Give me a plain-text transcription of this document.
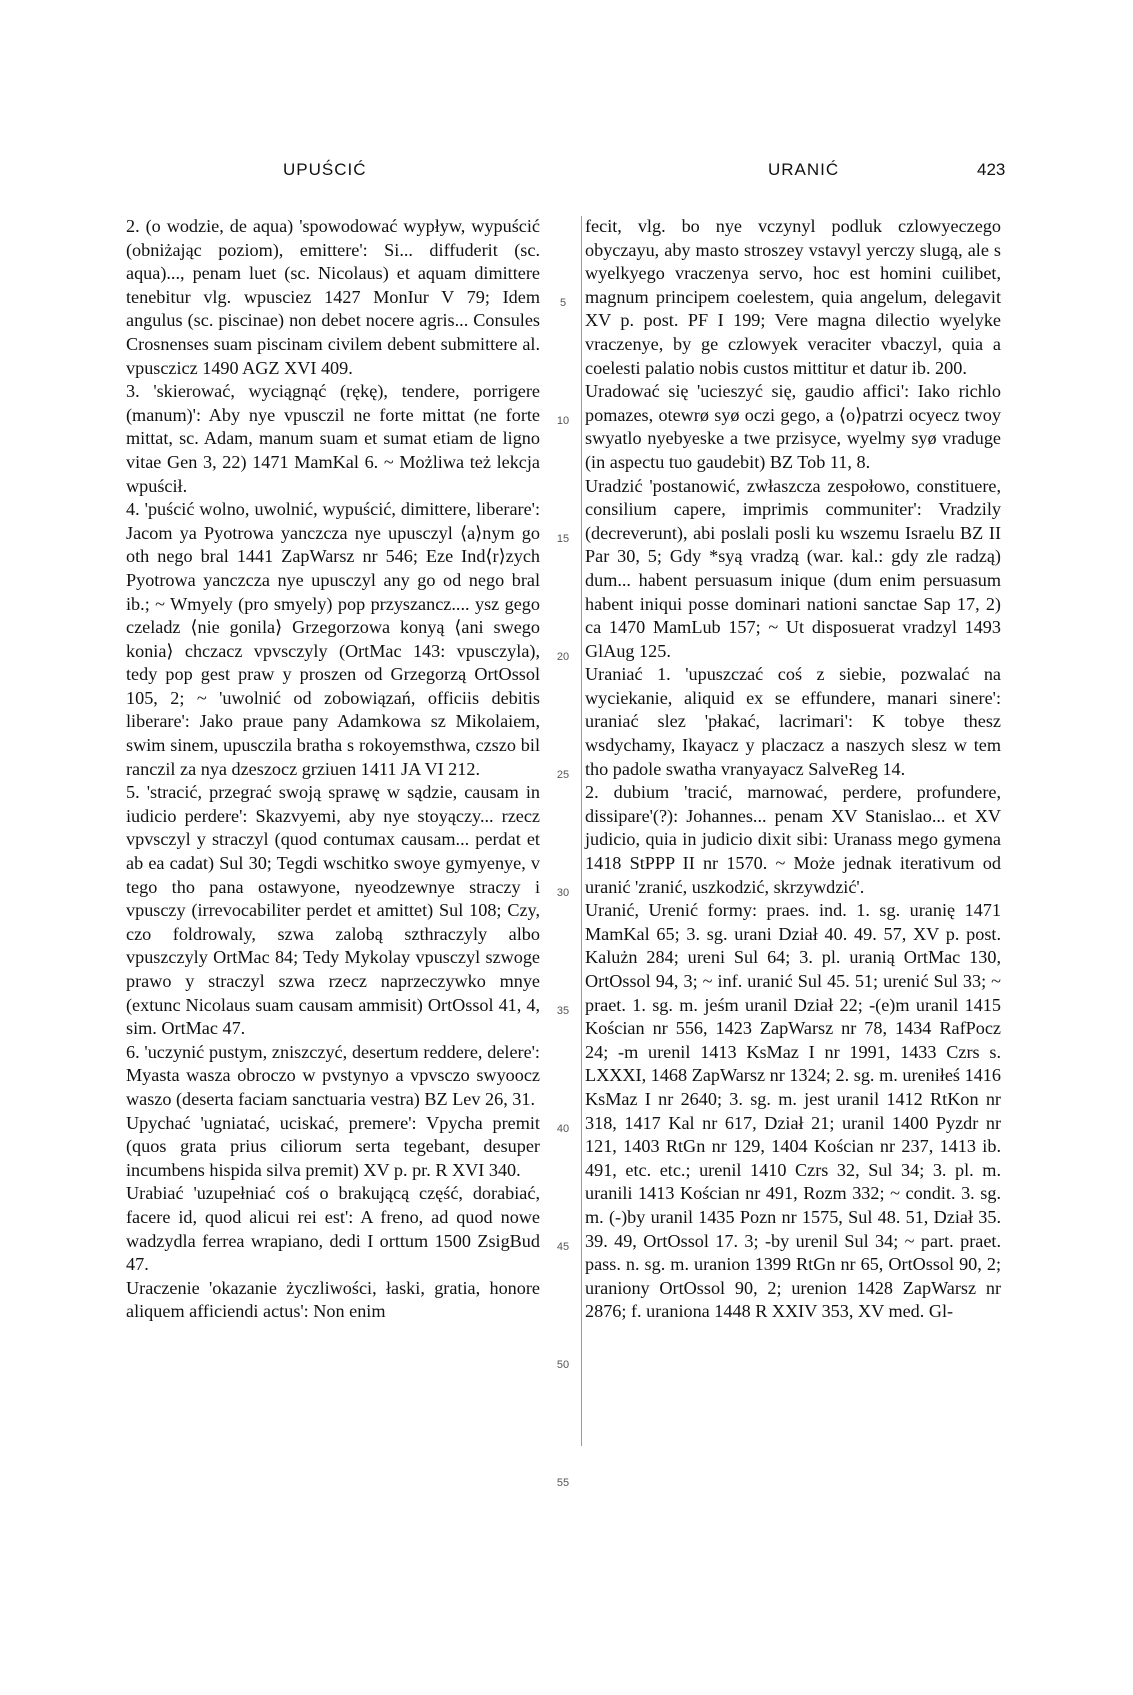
UPUŚCIĆ	URANIĆ	423

2. (o wodzie, de aqua) 'spowodować wypływ, wypuścić (obniżając poziom), emittere': Si... diffuderit (sc. aqua)..., penam luet (sc. Nicolaus) et aquam dimittere tenebitur vlg. wpusciez 1427 MonIur V 79; Idem angulus (sc. piscinae) non debet nocere agris... Consules Crosnenses suam piscinam civilem debent submittere al. vpusczicz 1490 AGZ XVI 409.

3. 'skierować, wyciągnąć (rękę), tendere, porrigere (manum)': Aby nye vpusczil ne forte mittat (ne forte mittat, sc. Adam, manum suam et sumat etiam de ligno vitae Gen 3, 22) 1471 MamKal 6. ~ Możliwa też lekcja wpuścił.

4. 'puścić wolno, uwolnić, wypuścić, dimittere, liberare': Jacom ya Pyotrowa yanczcza nye upusczyl ⟨a⟩nym go oth nego bral 1441 ZapWarsz nr 546; Eze Ind⟨r⟩zych Pyotrowa yanczcza nye upusczyl any go od nego bral ib.; ~ Wmyely (pro smyely) pop przyszancz.... ysz gego czeladz ⟨nie gonila⟩ Grzegorzowa konyą ⟨ani swego konia⟩ chczacz vpvsczyly (OrtMac 143: vpusczyla), tedy pop gest praw y proszen od Grzegorzą OrtOssol 105, 2; ~ 'uwolnić od zobowiązań, officiis debitis liberare': Jako praue pany Adamkowa sz Mikolaiem, swim sinem, upusczila bratha s rokoyemsthwa, czszo bil ranczil za nya dzeszocz grziuen 1411 JA VI 212.

5. 'stracić, przegrać swoją sprawę w sądzie, causam in iudicio perdere': Skazvyemi, aby nye stoyączy... rzecz vpvsczyl y straczyl (quod contumax causam... perdat et ab ea cadat) Sul 30; Tegdi wschitko swoye gymyenye, v tego tho pana ostawyone, nyeodzewnye straczy i vpusczy (irrevocabiliter perdet et amittet) Sul 108; Czy, czo foldrowaly, szwa zalobą szthraczyly albo vpuszczyly OrtMac 84; Tedy Mykolay vpusczyl szwoge prawo y straczyl szwa rzecz naprzeczywko mnye (extunc Nicolaus suam causam ammisit) OrtOssol 41, 4, sim. OrtMac 47.

6. 'uczynić pustym, zniszczyć, desertum reddere, delere': Myasta wasza obroczo w pvstynyo a vpvsczo swyoocz waszo (deserta faciam sanctuaria vestra) BZ Lev 26, 31.

Upychać 'ugniatać, uciskać, premere': Vpycha premit (quos grata prius ciliorum serta tegebant, desuper incumbens hispida silva premit) XV p. pr. R XVI 340.

Urabiać 'uzupełniać coś o brakującą część, dorabiać, facere id, quod alicui rei est': A freno, ad quod nowe wadzydla ferrea wrapiano, dedi I orttum 1500 ZsigBud 47.

Uraczenie 'okazanie życzliwości, łaski, gratia, honore aliquem afficiendi actus': Non enim

5
10
15
20
25
30
35
40
45
50
55

fecit, vlg. bo nye vczynyl podluk czlowyeczego obyczayu, aby masto stroszey vstavyl yerczy slugą, ale s wyelkyego vraczenya servo, hoc est homini cuilibet, magnum principem coelestem, quia angelum, delegavit XV p. post. PF I 199; Vere magna dilectio wyelyke vraczenye, by ge czlowyek veraciter vbaczyl, quia a coelesti palatio nobis custos mittitur et datur ib. 200.

Uradować się 'ucieszyć się, gaudio affici': Iako richlo pomazes, otewrø syø oczi gego, a ⟨o⟩patrzi ocyecz twoy swyatlo nyebyeske a twe przisyce, wyelmy syø vraduge (in aspectu tuo gaudebit) BZ Tob 11, 8.

Uradzić 'postanowić, zwłaszcza zespołowo, constituere, consilium capere, imprimis communiter': Vradzily (decreverunt), abi poslali posli ku wszemu Israelu BZ II Par 30, 5; Gdy *syą vradzą (war. kal.: gdy zle radzą) dum... habent persuasum inique (dum enim persuasum habent iniqui posse dominari nationi sanctae Sap 17, 2) ca 1470 MamLub 157; ~ Ut disposuerat vradzyl 1493 GlAug 125.

Uraniać 1. 'upuszczać coś z siebie, pozwalać na wyciekanie, aliquid ex se effundere, manari sinere': uraniać slez 'płakać, lacrimari': K tobye thesz wsdychamy, Ikayacz y placzacz a naszych slesz w tem tho padole swatha vranyayacz SalveReg 14.

2. dubium 'tracić, marnować, perdere, profundere, dissipare'(?): Johannes... penam XV Stanislao... et XV judicio, quia in judicio dixit sibi: Uranass mego gymena 1418 StPPP II nr 1570. ~ Może jednak iterativum od uranić 'zranić, uszkodzić, skrzywdzić'.

Uranić, Urenić formy: praes. ind. 1. sg. uranię 1471 MamKal 65; 3. sg. urani Dział 40. 49. 57, XV p. post. Kalużn 284; ureni Sul 64; 3. pl. uranią OrtMac 130, OrtOssol 94, 3; ~ inf. uranić Sul 45. 51; urenić Sul 33; ~ praet. 1. sg. m. jeśm uranil Dział 22; -(e)m uranil 1415 Kościan nr 556, 1423 ZapWarsz nr 78, 1434 RafPocz 24; -m urenil 1413 KsMaz I nr 1991, 1433 Czrs s. LXXXI, 1468 ZapWarsz nr 1324; 2. sg. m. ureniłeś 1416 KsMaz I nr 2640; 3. sg. m. jest uranil 1412 RtKon nr 318, 1417 Kal nr 617, Dział 21; uranil 1400 Pyzdr nr 121, 1403 RtGn nr 129, 1404 Kościan nr 237, 1413 ib. 491, etc. etc.; urenil 1410 Czrs 32, Sul 34; 3. pl. m. uranili 1413 Kościan nr 491, Rozm 332; ~ condit. 3. sg. m. (-)by uranil 1435 Pozn nr 1575, Sul 48. 51, Dział 35. 39. 49, OrtOssol 17. 3; -by urenil Sul 34; ~ part. praet. pass. n. sg. m. uranion 1399 RtGn nr 65, OrtOssol 90, 2; uraniony OrtOssol 90, 2; urenion 1428 ZapWarsz nr 2876; f. uraniona 1448 R XXIV 353, XV med. Gl-
